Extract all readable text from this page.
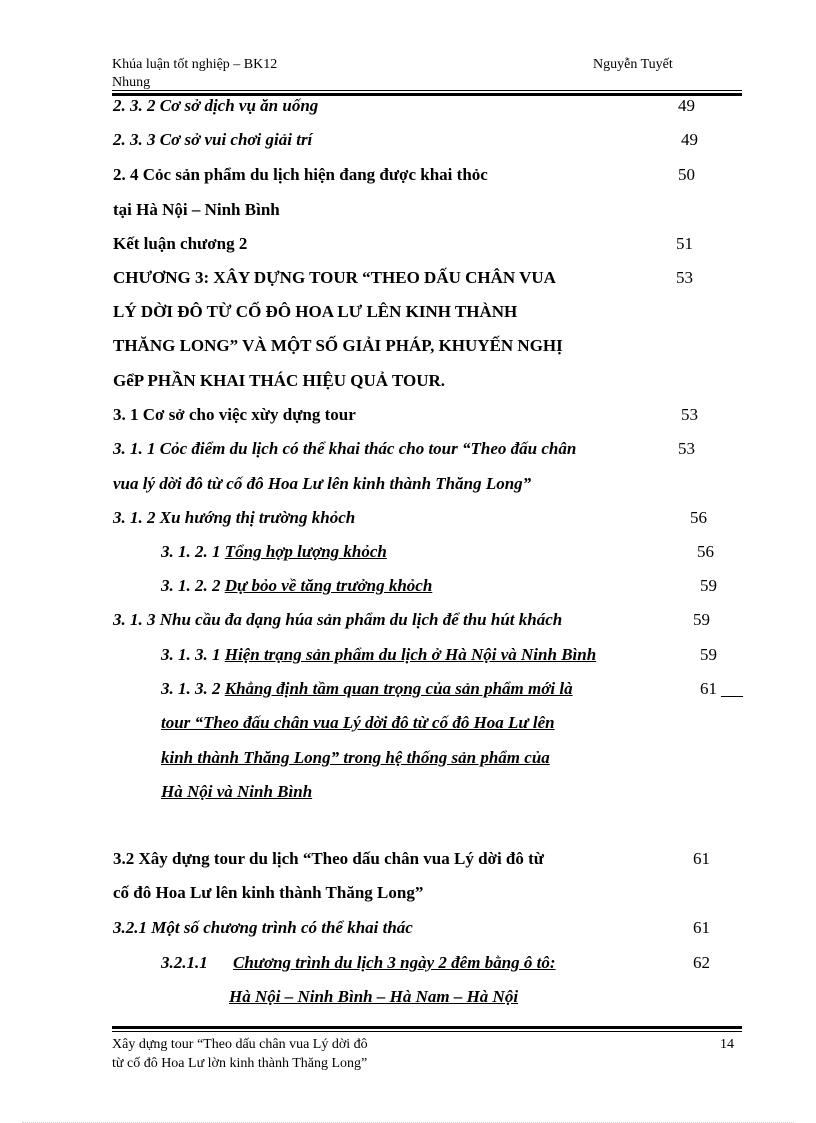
Khúa luận tốt nghiệp – BK12
Nhung
Nguyễn Tuyết
2. 3. 2 Cơ sở dịch vụ ăn uống	49
2. 3. 3 Cơ sở vui chơi giải trí	49
2. 4 Cỏc sản phẩm du lịch hiện đang được khai thỏc	50
tại Hà Nội – Ninh Bình
Kết luận chương 2	51
CHƯƠNG 3: XÂY DỰNG TOUR “THEO DẤU CHÂN VUA	53
LÝ DỜI ĐÔ TỪ CỐ ĐÔ HOA LƯ LÊN KINH THÀNH
THĂNG LONG” VÀ MỘT SỐ GIẢI PHÁP, KHUYẾN NGHỊ
GểP PHẦN KHAI THÁC HIỆU QUẢ TOUR.
3. 1 Cơ sở cho việc xừy dựng tour	53
3. 1. 1 Cỏc điểm du lịch có thể khai thác cho tour “Theo đấu chân	53
vua lý dời đô từ cố đô Hoa Lư lên kinh thành Thăng Long”
3. 1. 2 Xu hướng thị trường khỏch	56
3. 1. 2. 1 Tổng hợp lượng khỏch	56
3. 1. 2. 2 Dự bỏo về tăng trưởng khỏch	59
3. 1. 3 Nhu cầu đa dạng húa sản phẩm du lịch để thu hút khách	59
3. 1. 3. 1 Hiện trạng sản phẩm du lịch ở Hà Nội và Ninh Bình	59
3. 1. 3. 2 Khẳng định tầm quan trọng của sản phẩm mới là	61
tour “Theo đấu chân vua Lý dời đô từ cố đô Hoa Lư lên
kinh thành Thăng Long” trong hệ thống sản phẩm của
Hà Nội và Ninh Bình
3.2 Xây dựng tour du lịch “Theo dấu chân vua Lý dời đô từ	61
cố đô Hoa Lư lên kinh thành Thăng Long”
3.2.1 Một số chương trình có thể khai thác	61
3.2.1.1 Chương trình du lịch 3 ngày 2 đêm bằng ô tô:	62
Hà Nội – Ninh Bình – Hà Nam – Hà Nội
Xây dựng tour “Theo dấu chân vua Lý dời đô
từ cố đô Hoa Lư lờn kinh thành Thăng Long”
14
